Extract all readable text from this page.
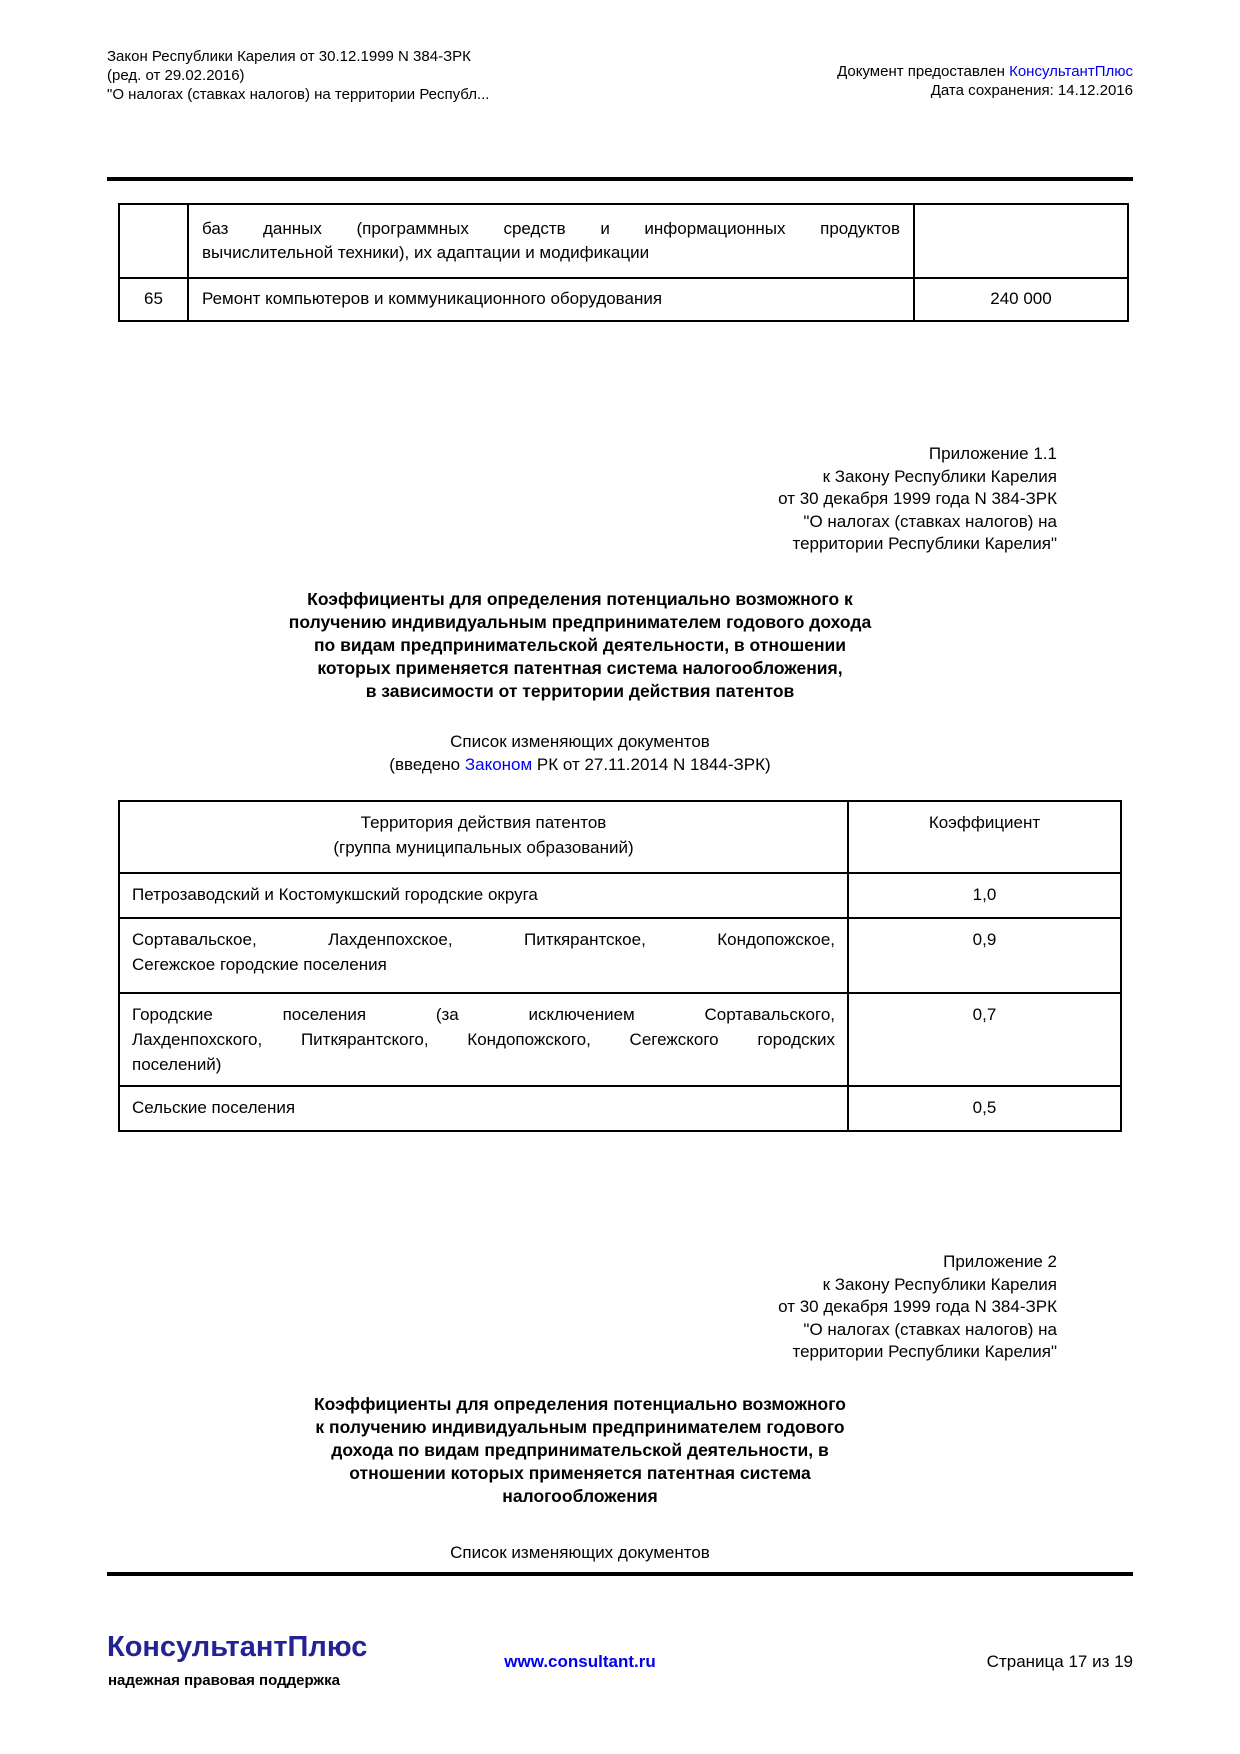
Закон Республики Карелия от 30.12.1999 N 384-ЗРК
(ред. от 29.02.2016)
"О налогах (ставках налогов) на территории Республ...
Документ предоставлен КонсультантПлюс
Дата сохранения: 14.12.2016

	баз данных (программных средств и информационных продуктов
вычислительной техники), их адаптации и модификации	

65	Ремонт компьютеров и коммуникационного оборудования	240 000
Приложение 1.1
к Закону Республики Карелия
от 30 декабря 1999 года N 384-ЗРК
"О налогах (ставках налогов) на
территории Республики Карелия"
Коэффициенты для определения потенциально возможного к
получению индивидуальным предпринимателем годового дохода
по видам предпринимательской деятельности, в отношении
которых применяется патентная система налогообложения,
в зависимости от территории действия патентов
Список изменяющих документов
(введено Законом РК от 27.11.2014 N 1844-ЗРК)
Территория действия патентов
(группа муниципальных образований)	Коэффициент
Петрозаводский и Костомукшский городские округа	1,0

Сортавальское, Лахденпохское, Питкярантское, Кондопожское,
Сегежское городские поселения	0,9

Городские поселения (за исключением Сортавальского,
Лахденпохского, Питкярантского, Кондопожского, Сегежского городских
поселений)	0,7
Сельские поселения	0,5
Приложение 2
к Закону Республики Карелия
от 30 декабря 1999 года N 384-ЗРК
"О налогах (ставках налогов) на
территории Республики Карелия"
Коэффициенты для определения потенциально возможного
к получению индивидуальным предпринимателем годового
дохода по видам предпринимательской деятельности, в
отношении которых применяется патентная система
налогообложения
Список изменяющих документов
КонсультантПлюс
надежная правовая поддержка
www.consultant.ru	Страница 17 из 19
